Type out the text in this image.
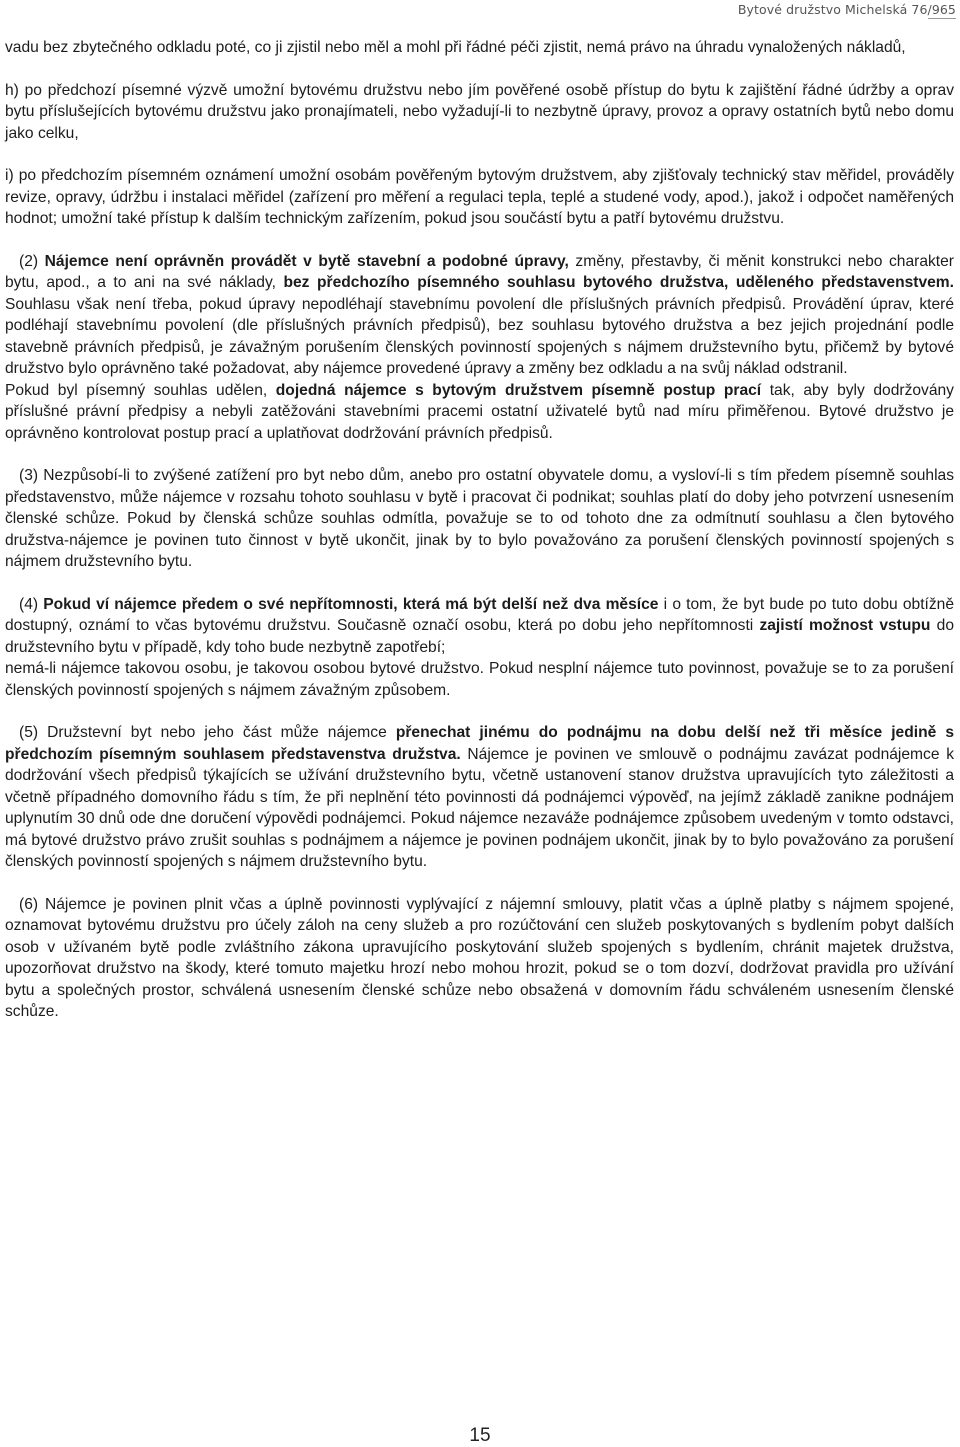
Bytové družstvo Michelská 76/965

vadu bez zbytečného odkladu poté, co ji zjistil nebo měl a mohl při řádné péči zjistit, nemá právo na úhradu vynaložených nákladů,

h) po předchozí písemné výzvě umožní bytovému družstvu nebo jím pověřené osobě přístup do bytu k zajištění řádné údržby a oprav bytu příslušejících bytovému družstvu jako pronajímateli, nebo vyžadují-li to nezbytně úpravy, provoz a opravy ostatních bytů nebo domu jako celku,

i) po předchozím písemném oznámení umožní osobám pověřeným bytovým družstvem, aby zjišťovaly technický stav měřidel, prováděly revize, opravy, údržbu i instalaci měřidel (zařízení pro měření a regulaci tepla, teplé a studené vody, apod.), jakož i odpočet naměřených hodnot; umožní také přístup k dalším technickým zařízením, pokud jsou součástí bytu a patří bytovému družstvu.

(2) Nájemce není oprávněn provádět v bytě stavební a podobné úpravy, změny, přestavby, či měnit konstrukci nebo charakter bytu, apod., a to ani na své náklady, bez předchozího písemného souhlasu bytového družstva, uděleného představenstvem. Souhlasu však není třeba, pokud úpravy nepodléhají stavebnímu povolení dle příslušných právních předpisů. Provádění úprav, které podléhají stavebnímu povolení (dle příslušných právních předpisů), bez souhlasu bytového družstva a bez jejich projednání podle stavebně právních předpisů, je závažným porušením členských povinností spojených s nájmem družstevního bytu, přičemž by bytové družstvo bylo oprávněno také požadovat, aby nájemce provedené úpravy a změny bez odkladu a na svůj náklad odstranil.

Pokud byl písemný souhlas udělen, dojedná nájemce s bytovým družstvem písemně postup prací tak, aby byly dodržovány příslušné právní předpisy a nebyli zatěžováni stavebními pracemi ostatní uživatelé bytů nad míru přiměřenou. Bytové družstvo je oprávněno kontrolovat postup prací a uplatňovat dodržování právních předpisů.

(3) Nezpůsobí-li to zvýšené zatížení pro byt nebo dům, anebo pro ostatní obyvatele domu, a vysloví-li s tím předem písemně souhlas představenstvo, může nájemce v rozsahu tohoto souhlasu v bytě i pracovat či podnikat; souhlas platí do doby jeho potvrzení usnesením členské schůze. Pokud by členská schůze souhlas odmítla, považuje se to od tohoto dne za odmítnutí souhlasu a člen bytového družstva-nájemce je povinen tuto činnost v bytě ukončit, jinak by to bylo považováno za porušení členských povinností spojených s nájmem družstevního bytu.

(4) Pokud ví nájemce předem o své nepřítomnosti, která má být delší než dva měsíce i o tom, že byt bude po tuto dobu obtížně dostupný, oznámí to včas bytovému družstvu. Současně označí osobu, která po dobu jeho nepřítomnosti zajistí možnost vstupu do družstevního bytu v případě, kdy toho bude nezbytně zapotřebí;

nemá-li nájemce takovou osobu, je takovou osobou bytové družstvo. Pokud nesplní nájemce tuto povinnost, považuje se to za porušení členských povinností spojených s nájmem závažným způsobem.

(5) Družstevní byt nebo jeho část může nájemce přenechat jinému do podnájmu na dobu delší než tři měsíce jedině s předchozím písemným souhlasem představenstva družstva. Nájemce je povinen ve smlouvě o podnájmu zavázat podnájemce k dodržování všech předpisů týkajících se užívání družstevního bytu, včetně ustanovení stanov družstva upravujících tyto záležitosti a včetně případného domovního řádu s tím, že při neplnění této povinnosti dá podnájemci výpověď, na jejímž základě zanikne podnájem uplynutím 30 dnů ode dne doručení výpovědi podnájemci. Pokud nájemce nezaváže podnájemce způsobem uvedeným v tomto odstavci, má bytové družstvo právo zrušit souhlas s podnájmem a nájemce je povinen podnájem ukončit, jinak by to bylo považováno za porušení členských povinností spojených s nájmem družstevního bytu.

(6) Nájemce je povinen plnit včas a úplně povinnosti vyplývající z nájemní smlouvy, platit včas a úplně platby s nájmem spojené, oznamovat bytovému družstvu pro účely záloh na ceny služeb a pro rozúčtování cen služeb poskytovaných s bydlením pobyt dalších osob v užívaném bytě podle zvláštního zákona upravujícího poskytování služeb spojených s bydlením, chránit majetek družstva, upozorňovat družstvo na škody, které tomuto majetku hrozí nebo mohou hrozit, pokud se o tom dozví, dodržovat pravidla pro užívání bytu a společných prostor, schválená usnesením členské schůze nebo obsažená v domovním řádu schváleném usnesením členské schůze.

15
